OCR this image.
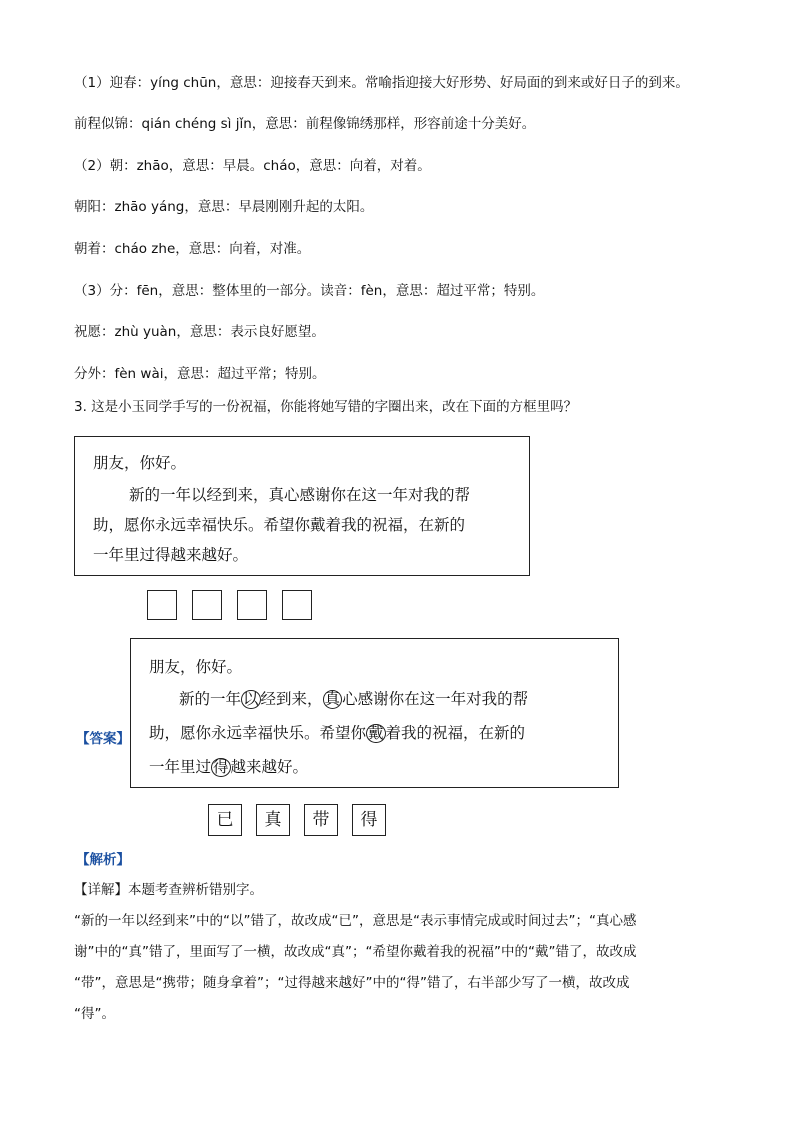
（1）迎春：yíng chūn，意思：迎接春天到来。常喻指迎接大好形势、好局面的到来或好日子的到来。
前程似锦：qián chéng sì jǐn，意思：前程像锦绣那样，形容前途十分美好。
（2）朝：zhāo，意思：早晨。cháo，意思：向着，对着。
朝阳：zhāo yáng，意思：早晨刚刚升起的太阳。
朝着：cháo zhe，意思：向着，对准。
（3）分：fēn，意思：整体里的一部分。读音：fèn，意思：超过平常；特别。
祝愿：zhù yuàn，意思：表示良好愿望。
分外：fèn wài，意思：超过平常；特别。
3. 这是小玉同学手写的一份祝福，你能将她写错的字圈出来，改在下面的方框里吗？
朋友，你好。
新的一年以经到来，真心感谢你在这一年对我的帮
助，愿你永远幸福快乐。希望你戴着我的祝福，在新的
一年里过得越来越好。
【答案】
朋友，你好。
新的一年 以 经到来， 真 心感谢你在这一年对我的帮
助，愿你永远幸福快乐。希望你 戴 着我的祝福，在新的
一年里过 得 越来越好。
已	真	带	得
【解析】
【详解】本题考查辨析错别字。
“新的一年以经到来”中的“以”错了，故改成“已”，意思是“表示事情完成或时间过去”；“真心感
谢”中的“真”错了，里面写了一横，故改成“真”；“希望你戴着我的祝福”中的“戴”错了，故改成
“带”，意思是“携带；随身拿着”；“过得越来越好”中的“得”错了，右半部少写了一横，故改成
“得”。
